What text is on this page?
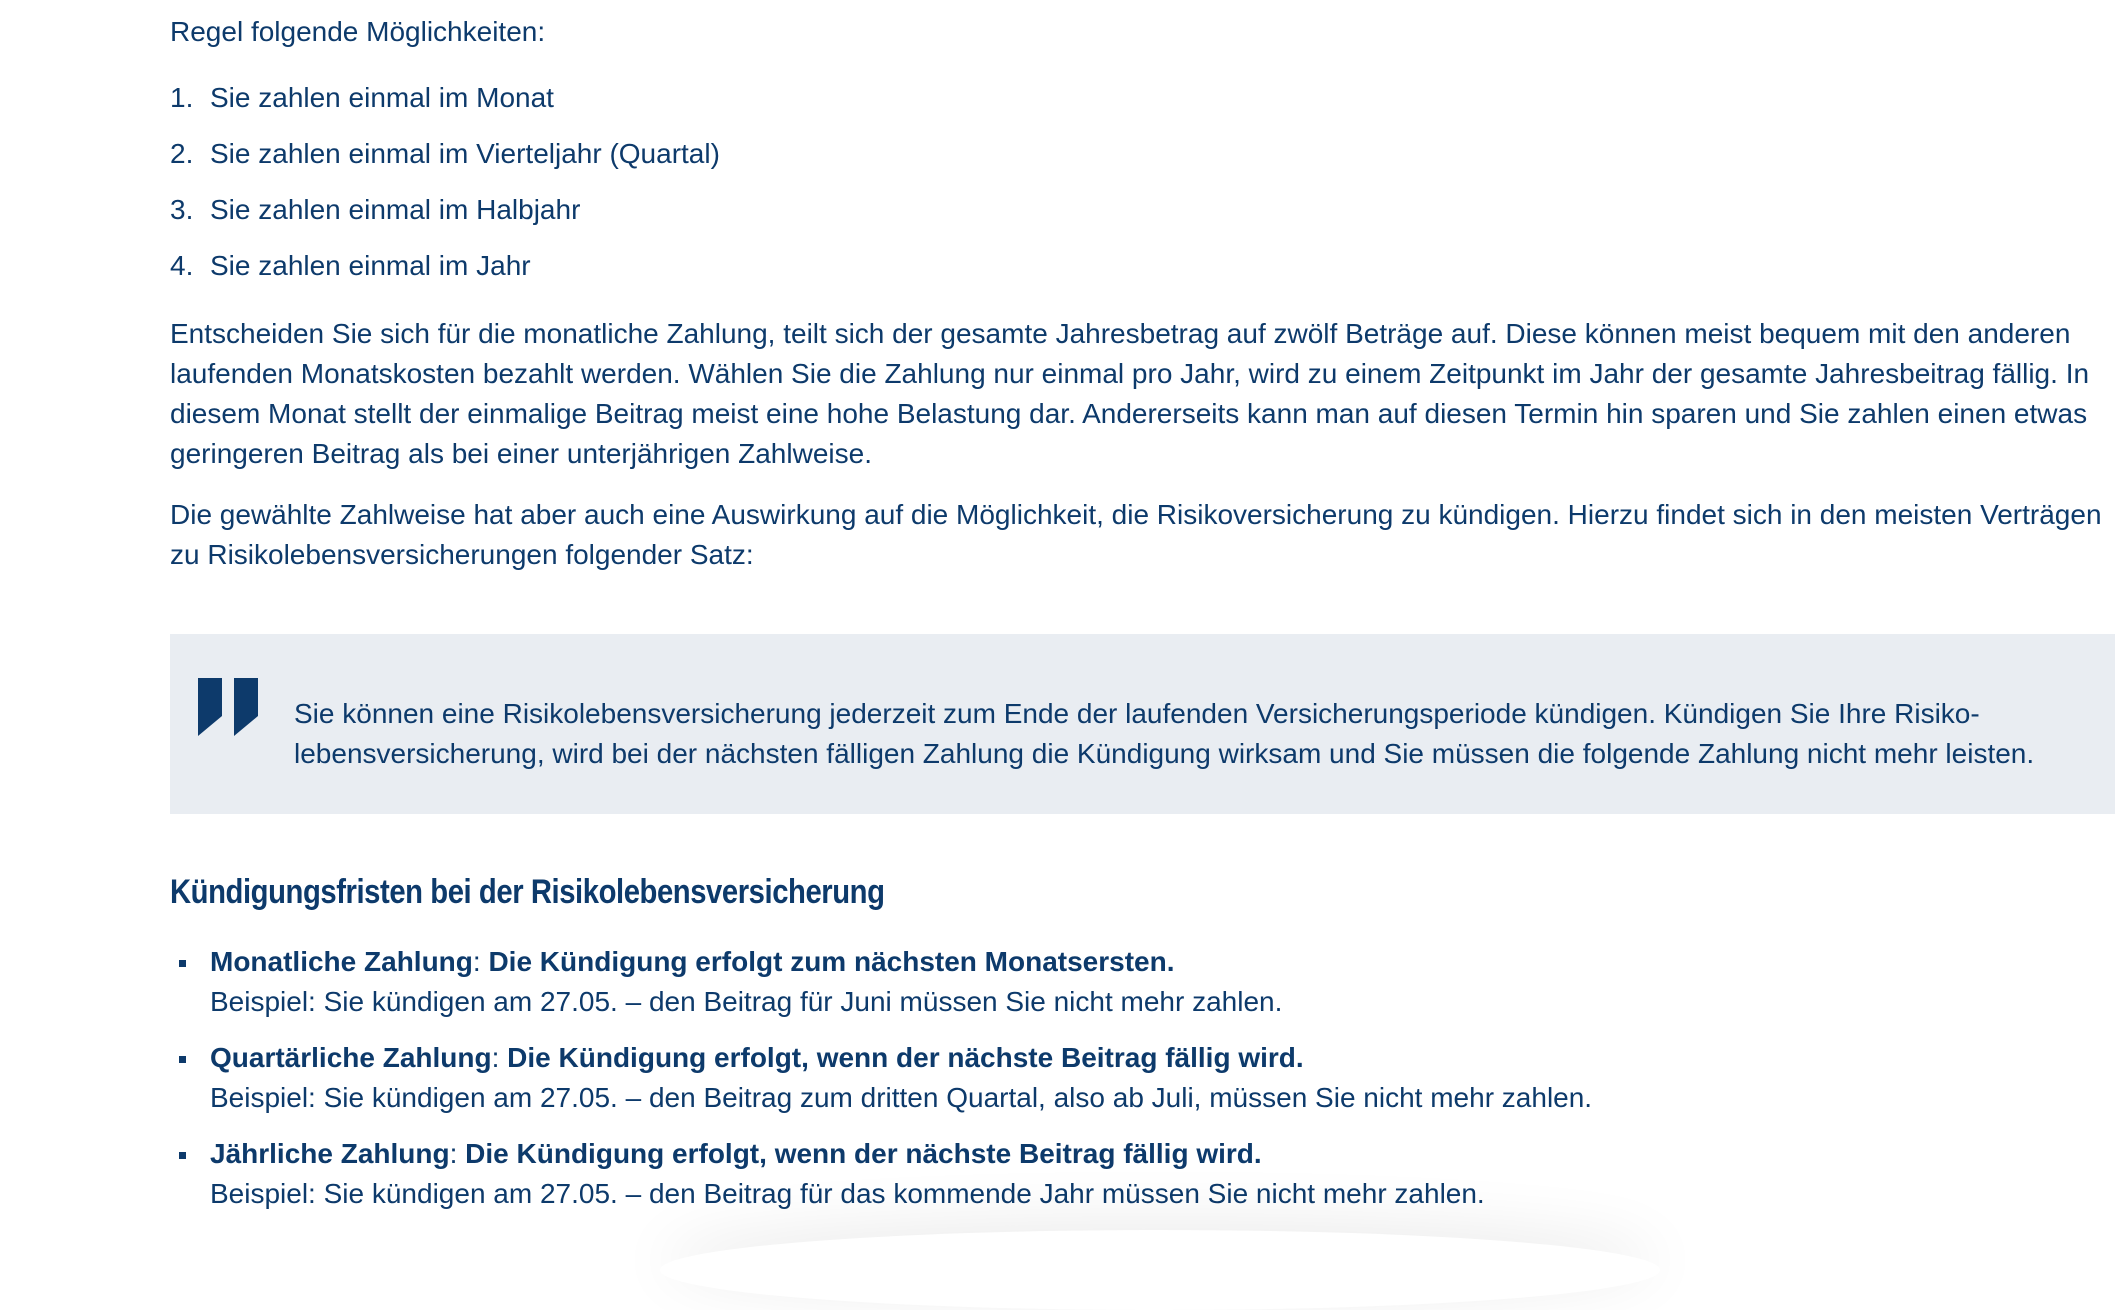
Regel folgende Möglichkeiten:
1. Sie zahlen einmal im Monat
2. Sie zahlen einmal im Vierteljahr (Quartal)
3. Sie zahlen einmal im Halbjahr
4. Sie zahlen einmal im Jahr

Entscheiden Sie sich für die monatliche Zahlung, teilt sich der gesamte Jahresbetrag auf zwölf Beträge auf. Diese können meist bequem mit den anderen laufenden Monatskosten bezahlt werden. Wählen Sie die Zahlung nur einmal pro Jahr, wird zu einem Zeitpunkt im Jahr der gesamte Jahresbeitrag fällig. In diesem Monat stellt der einmalige Beitrag meist eine hohe Belastung dar. Andererseits kann man auf diesen Termin hin sparen und Sie zahlen einen etwas geringeren Beitrag als bei einer unterjährigen Zahlweise.

Die gewählte Zahlweise hat aber auch eine Auswirkung auf die Möglichkeit, die Risikoversicherung zu kündigen. Hierzu findet sich in den meisten Verträgen zu Risikolebensversicherungen folgender Satz:

Sie können eine Risikolebensversicherung jederzeit zum Ende der laufenden Versicherungsperiode kündigen. Kündigen Sie Ihre Risikolebensversicherung, wird bei der nächsten fälligen Zahlung die Kündigung wirksam und Sie müssen die folgende Zahlung nicht mehr leisten.

Kündigungsfristen bei der Risikolebensversicherung
Monatliche Zahlung: Die Kündigung erfolgt zum nächsten Monatsersten.
Beispiel: Sie kündigen am 27.05. – den Beitrag für Juni müssen Sie nicht mehr zahlen.
Quartärliche Zahlung: Die Kündigung erfolgt, wenn der nächste Beitrag fällig wird.
Beispiel: Sie kündigen am 27.05. – den Beitrag zum dritten Quartal, also ab Juli, müssen Sie nicht mehr zahlen.
Jährliche Zahlung: Die Kündigung erfolgt, wenn der nächste Beitrag fällig wird.
Beispiel: Sie kündigen am 27.05. – den Beitrag für das kommende Jahr müssen Sie nicht mehr zahlen.
